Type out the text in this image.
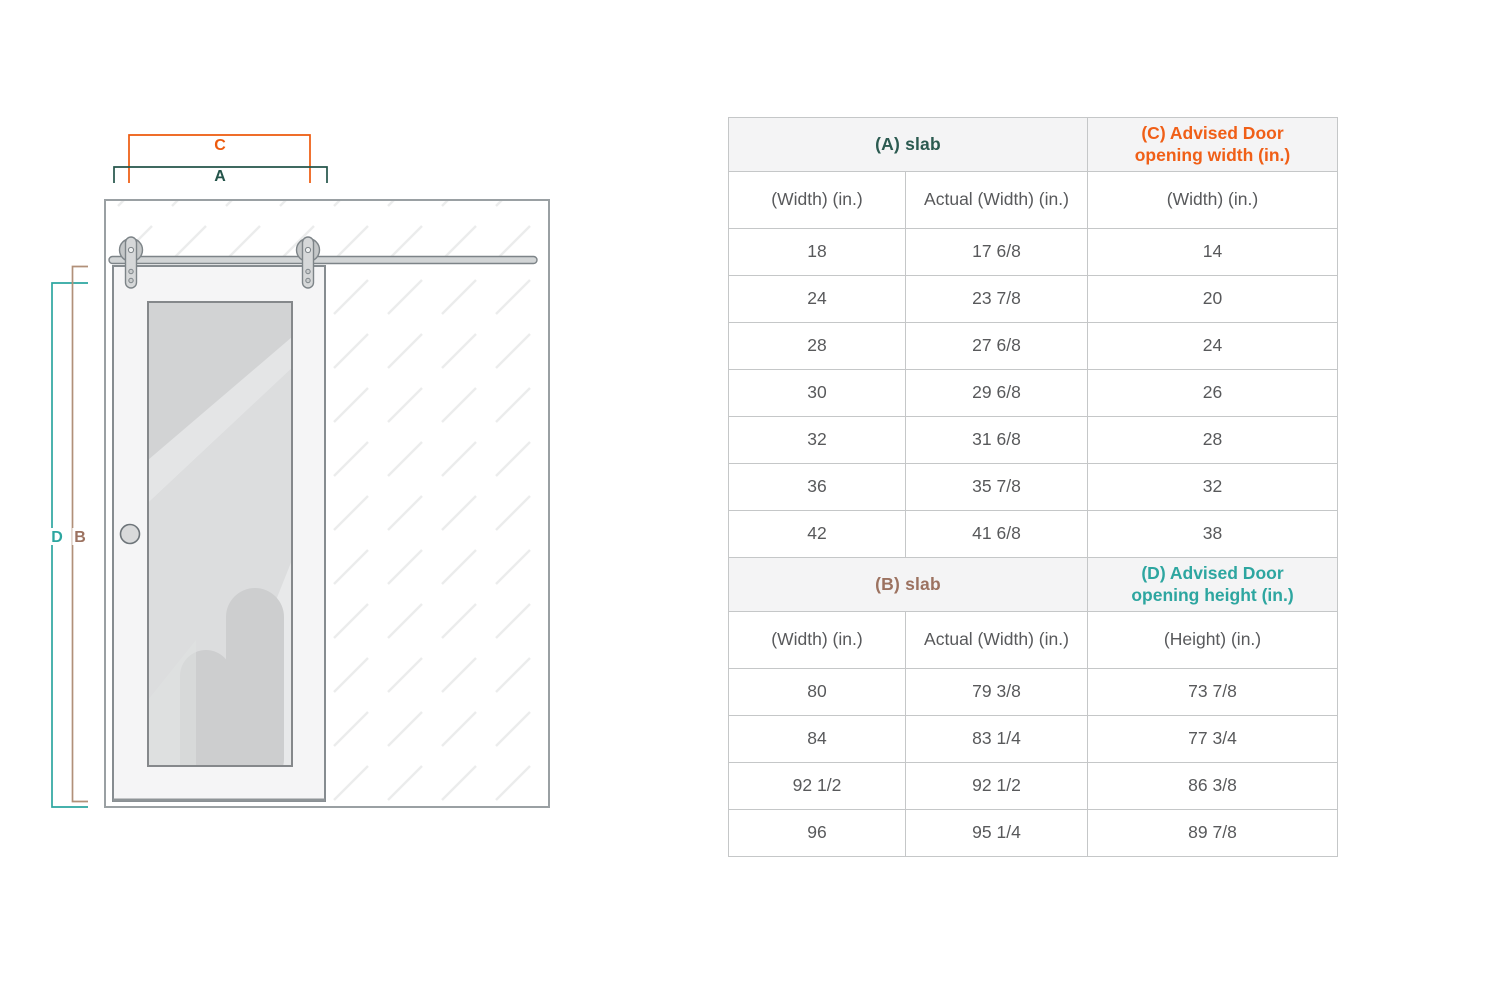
C
A
D B
(A) slab		(C) Advised Door
opening width (in.)
(Width) (in.)	Actual (Width) (in.)	(Width) (in.)
18	17 6/8	14
24	23 7/8	20
28	27 6/8	24
30	29 6/8	26
32	31 6/8	28
36	35 7/8	32
42	41 6/8	38
(B) slab		(D) Advised Door
opening height (in.)
(Width) (in.)	Actual (Width) (in.)	(Height) (in.)
80	79 3/8	73 7/8
84	83 1/4	77 3/4
92 1/2	92 1/2	86 3/8
96	95 1/4	89 7/8
